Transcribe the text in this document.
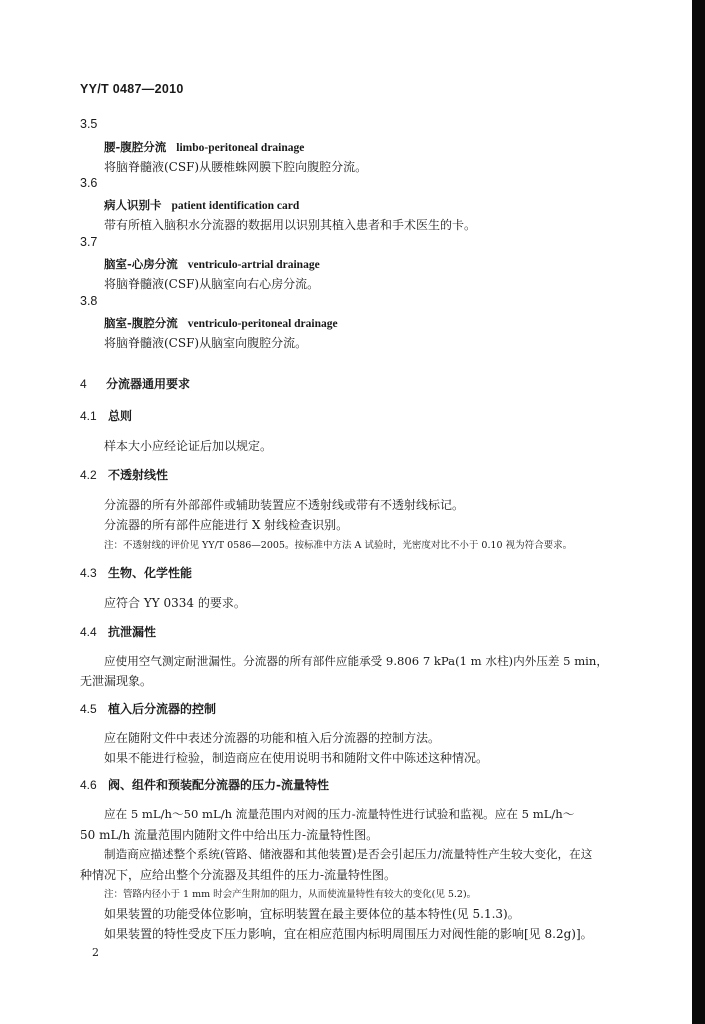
YY/T 0487—2010
3.5
腰-腹腔分流 limbo-peritoneal drainage
将脑脊髓液(CSF)从腰椎蛛网膜下腔向腹腔分流。
3.6
病人识别卡 patient identification card
带有所植入脑积水分流器的数据用以识别其植入患者和手术医生的卡。
3.7
脑室-心房分流 ventriculo-artrial drainage
将脑脊髓液(CSF)从脑室向右心房分流。
3.8
脑室-腹腔分流 ventriculo-peritoneal drainage
将脑脊髓液(CSF)从脑室向腹腔分流。
4 分流器通用要求
4.1 总则
样本大小应经论证后加以规定。
4.2 不透射线性
分流器的所有外部部件或辅助装置应不透射线或带有不透射线标记。
分流器的所有部件应能进行 X 射线检查识别。
注：不透射线的评价见 YY/T 0586—2005。按标准中方法 A 试验时，光密度对比不小于 0.10 视为符合要求。
4.3 生物、化学性能
应符合 YY 0334 的要求。
4.4 抗泄漏性
应使用空气测定耐泄漏性。分流器的所有部件应能承受 9.806 7 kPa(1 m 水柱)内外压差 5 min，
无泄漏现象。
4.5 植入后分流器的控制
应在随附文件中表述分流器的功能和植入后分流器的控制方法。
如果不能进行检验，制造商应在使用说明书和随附文件中陈述这种情况。
4.6 阀、组件和预装配分流器的压力-流量特性
应在 5 mL/h～50 mL/h 流量范围内对阀的压力-流量特性进行试验和监视。应在 5 mL/h～
50 mL/h 流量范围内随附文件中给出压力-流量特性图。
制造商应描述整个系统(管路、储液器和其他装置)是否会引起压力/流量特性产生较大变化，在这
种情况下，应给出整个分流器及其组件的压力-流量特性图。
注：管路内径小于 1 mm 时会产生附加的阻力，从而使流量特性有较大的变化(见 5.2)。
如果装置的功能受体位影响，宜标明装置在最主要体位的基本特性(见 5.1.3)。
如果装置的特性受皮下压力影响，宜在相应范围内标明周围压力对阀性能的影响[见 8.2g)]。
2
